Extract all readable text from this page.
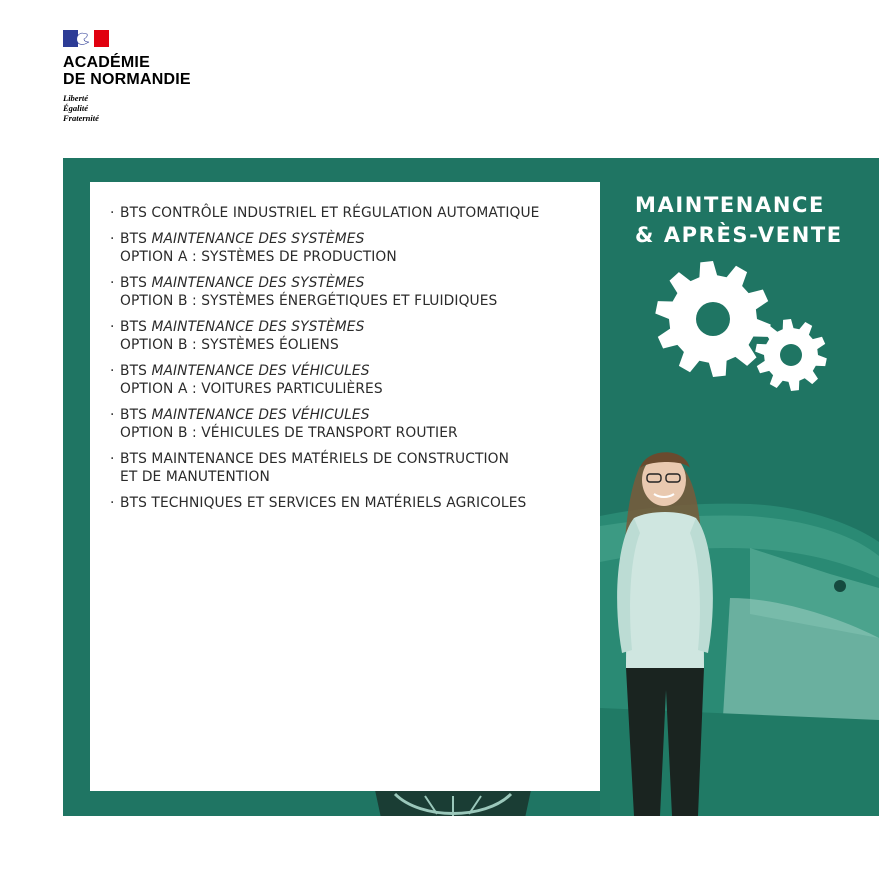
ACADÉMIE
DE NORMANDIE
Liberté
Égalité
Fraternité
· BTS CONTRÔLE INDUSTRIEL ET RÉGULATION AUTOMATIQUE
· BTS MAINTENANCE DES SYSTÈMES
OPTION A : SYSTÈMES DE PRODUCTION
· BTS MAINTENANCE DES SYSTÈMES
OPTION B : SYSTÈMES ÉNERGÉTIQUES ET FLUIDIQUES
· BTS MAINTENANCE DES SYSTÈMES
OPTION B : SYSTÈMES ÉOLIENS
· BTS MAINTENANCE DES VÉHICULES
OPTION A : VOITURES PARTICULIÈRES
· BTS MAINTENANCE DES VÉHICULES
OPTION B : VÉHICULES DE TRANSPORT ROUTIER
· BTS MAINTENANCE DES MATÉRIELS DE CONSTRUCTION
ET DE MANUTENTION
· BTS TECHNIQUES ET SERVICES EN MATÉRIELS AGRICOLES
MAINTENANCE
& APRÈS-VENTE
